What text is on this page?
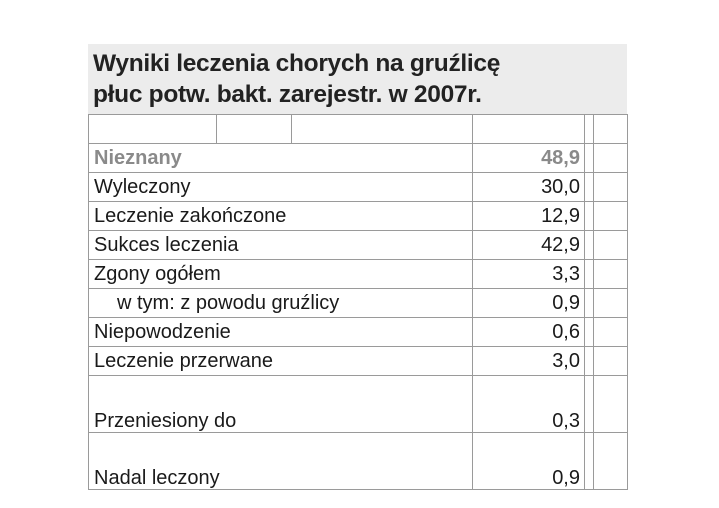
Wyniki leczenia chorych na gruźlicę
płuc potw. bakt. zarejestr. w 2007r.

Nieznany			48,9		
Wyleczony			30,0		
Leczenie zakończone			12,9		
Sukces leczenia			42,9		
Zgony ogółem			3,3		
w tym: z powodu gruźlicy			0,9		
Niepowodzenie			0,6		
Leczenie przerwane			3,0		
Przeniesiony do			0,3		
Nadal leczony			0,9		
